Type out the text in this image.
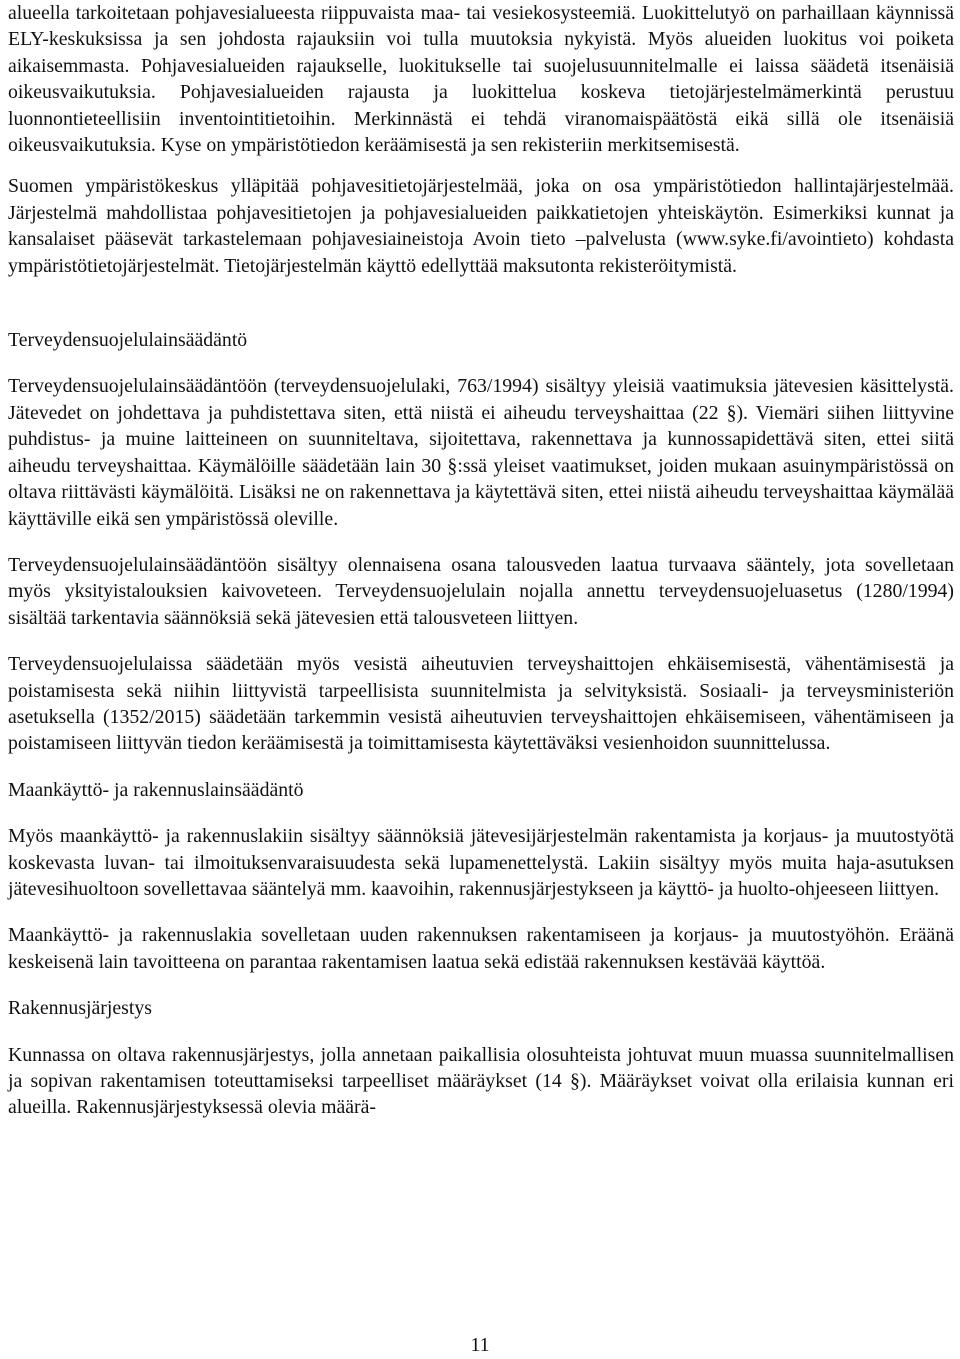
alueella tarkoitetaan pohjavesialueesta riippuvaista maa- tai vesiekosysteemiä. Luokittelutyö on parhaillaan käynnissä ELY-keskuksissa ja sen johdosta rajauksiin voi tulla muutoksia nykyistä. Myös alueiden luokitus voi poiketa aikaisemmasta. Pohjavesialueiden rajaukselle, luokitukselle tai suojelusuunnitelmalle ei laissa säädetä itsenäisiä oikeusvaikutuksia. Pohjavesialueiden rajausta ja luokittelua koskeva tietojärjestelmämerkintä perustuu luonnontieteellisiin inventointitietoihin. Merkinnästä ei tehdä viranomaispäätöstä eikä sillä ole itsenäisiä oikeusvaikutuksia. Kyse on ympäristötiedon keräämisestä ja sen rekisteriin merkitsemisestä.

Suomen ympäristökeskus ylläpitää pohjavesitietojärjestelmää, joka on osa ympäristötiedon hallintajärjestelmää. Järjestelmä mahdollistaa pohjavesitietojen ja pohjavesialueiden paikkatietojen yhteiskäytön. Esimerkiksi kunnat ja kansalaiset pääsevät tarkastelemaan pohjavesiaineistoja Avoin tieto –palvelusta (www.syke.fi/avointieto) kohdasta ympäristötietojärjestelmät. Tietojärjestelmän käyttö edellyttää maksutonta rekisteröitymistä.

Terveydensuojelulainsäädäntö

Terveydensuojelulainsäädäntöön (terveydensuojelulaki, 763/1994) sisältyy yleisiä vaatimuksia jätevesien käsittelystä. Jätevedet on johdettava ja puhdistettava siten, että niistä ei aiheudu terveyshaittaa (22 §). Viemäri siihen liittyvine puhdistus- ja muine laitteineen on suunniteltava, sijoitettava, rakennettava ja kunnossapidettävä siten, ettei siitä aiheudu terveyshaittaa. Käymälöille säädetään lain 30 §:ssä yleiset vaatimukset, joiden mukaan asuinympäristössä on oltava riittävästi käymälöitä. Lisäksi ne on rakennettava ja käytettävä siten, ettei niistä aiheudu terveyshaittaa käymälää käyttäville eikä sen ympäristössä oleville.

Terveydensuojelulainsäädäntöön sisältyy olennaisena osana talousveden laatua turvaava sääntely, jota sovelletaan myös yksityistalouksien kaivoveteen. Terveydensuojelulain nojalla annettu terveydensuojeluasetus (1280/1994) sisältää tarkentavia säännöksiä sekä jätevesien että talousveteen liittyen.

Terveydensuojelulaissa säädetään myös vesistä aiheutuvien terveyshaittojen ehkäisemisestä, vähentämisestä ja poistamisesta sekä niihin liittyvistä tarpeellisista suunnitelmista ja selvityksistä. Sosiaali- ja terveysministeriön asetuksella (1352/2015) säädetään tarkemmin vesistä aiheutuvien terveyshaittojen ehkäisemiseen, vähentämiseen ja poistamiseen liittyvän tiedon keräämisestä ja toimittamisesta käytettäväksi vesienhoidon suunnittelussa.

Maankäyttö- ja rakennuslainsäädäntö

Myös maankäyttö- ja rakennuslakiin sisältyy säännöksiä jätevesijärjestelmän rakentamista ja korjaus- ja muutostyötä koskevasta luvan- tai ilmoituksenvaraisuudesta sekä lupamenettelystä. Lakiin sisältyy myös muita haja-asutuksen jätevesihuoltoon sovellettavaa sääntelyä mm. kaavoihin, rakennusjärjestykseen ja käyttö- ja huolto-ohjeeseen liittyen.

Maankäyttö- ja rakennuslakia sovelletaan uuden rakennuksen rakentamiseen ja korjaus- ja muutostyöhön. Eräänä keskeisenä lain tavoitteena on parantaa rakentamisen laatua sekä edistää rakennuksen kestävää käyttöä.

Rakennusjärjestys

Kunnassa on oltava rakennusjärjestys, jolla annetaan paikallisia olosuhteista johtuvat muun muassa suunnitelmallisen ja sopivan rakentamisen toteuttamiseksi tarpeelliset määräykset (14 §). Määräykset voivat olla erilaisia kunnan eri alueilla. Rakennusjärjestyksessä olevia määrä-

11
